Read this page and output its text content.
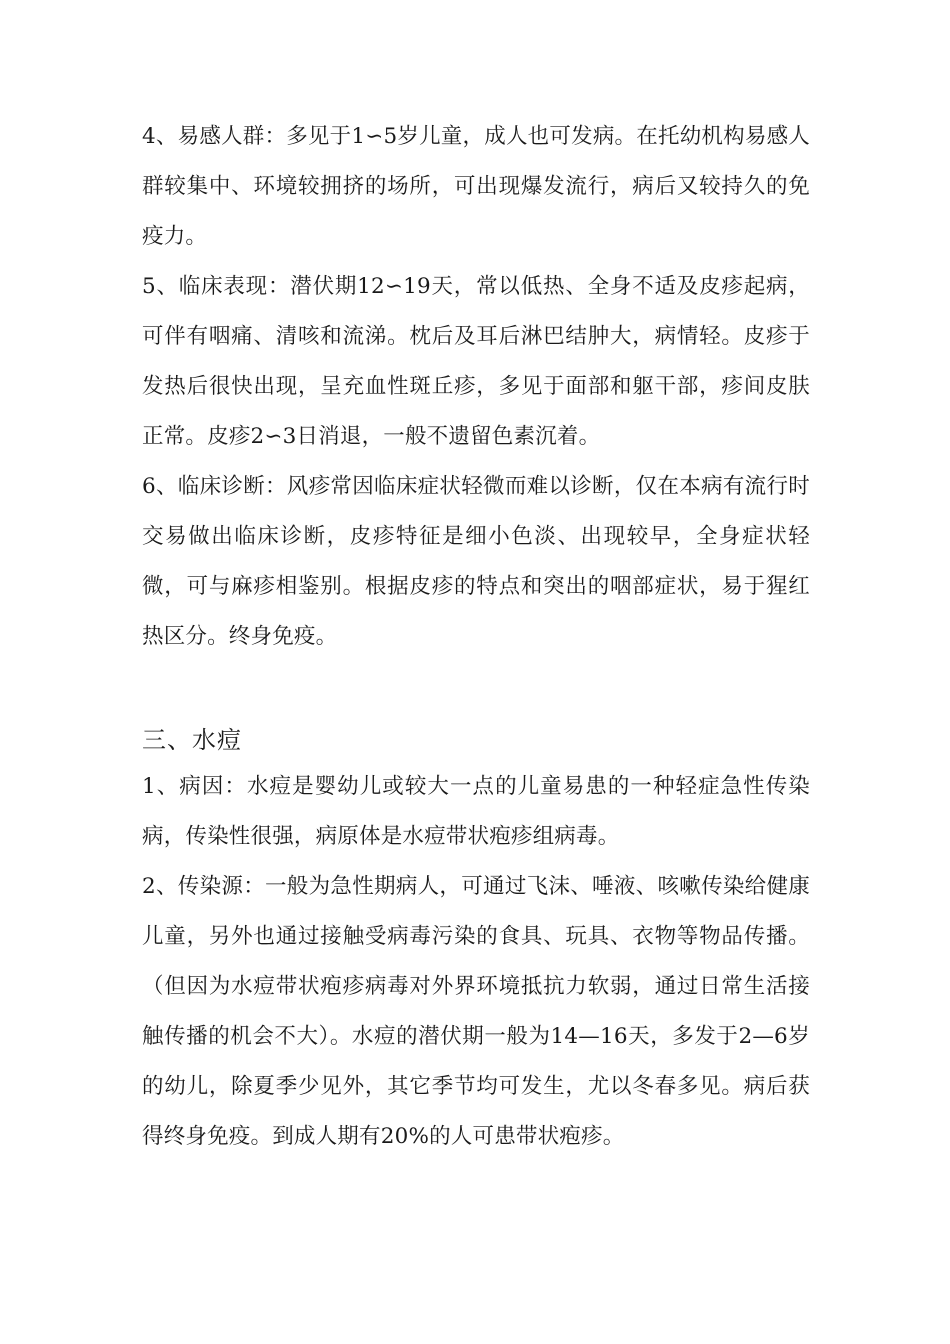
4、易感人群：多见于1∽5岁儿童，成人也可发病。在托幼机构易感人群较集中、环境较拥挤的场所，可出现爆发流行，病后又较持久的免疫力。

5、临床表现：潜伏期12∽19天，常以低热、全身不适及皮疹起病，可伴有咽痛、清咳和流涕。枕后及耳后淋巴结肿大，病情轻。皮疹于发热后很快出现，呈充血性斑丘疹，多见于面部和躯干部，疹间皮肤正常。皮疹2∽3日消退，一般不遗留色素沉着。

6、临床诊断：风疹常因临床症状轻微而难以诊断，仅在本病有流行时交易做出临床诊断，皮疹特征是细小色淡、出现较早，全身症状轻微，可与麻疹相鉴别。根据皮疹的特点和突出的咽部症状，易于猩红热区分。终身免疫。

三、水痘

1、病因：水痘是婴幼儿或较大一点的儿童易患的一种轻症急性传染病，传染性很强，病原体是水痘带状疱疹组病毒。

2、传染源：一般为急性期病人，可通过飞沫、唾液、咳嗽传染给健康儿童，另外也通过接触受病毒污染的食具、玩具、衣物等物品传播。（但因为水痘带状疱疹病毒对外界环境抵抗力软弱，通过日常生活接触传播的机会不大）。水痘的潜伏期一般为14—16天，多发于2—6岁的幼儿，除夏季少见外，其它季节均可发生，尤以冬春多见。病后获得终身免疫。到成人期有20%的人可患带状疱疹。
